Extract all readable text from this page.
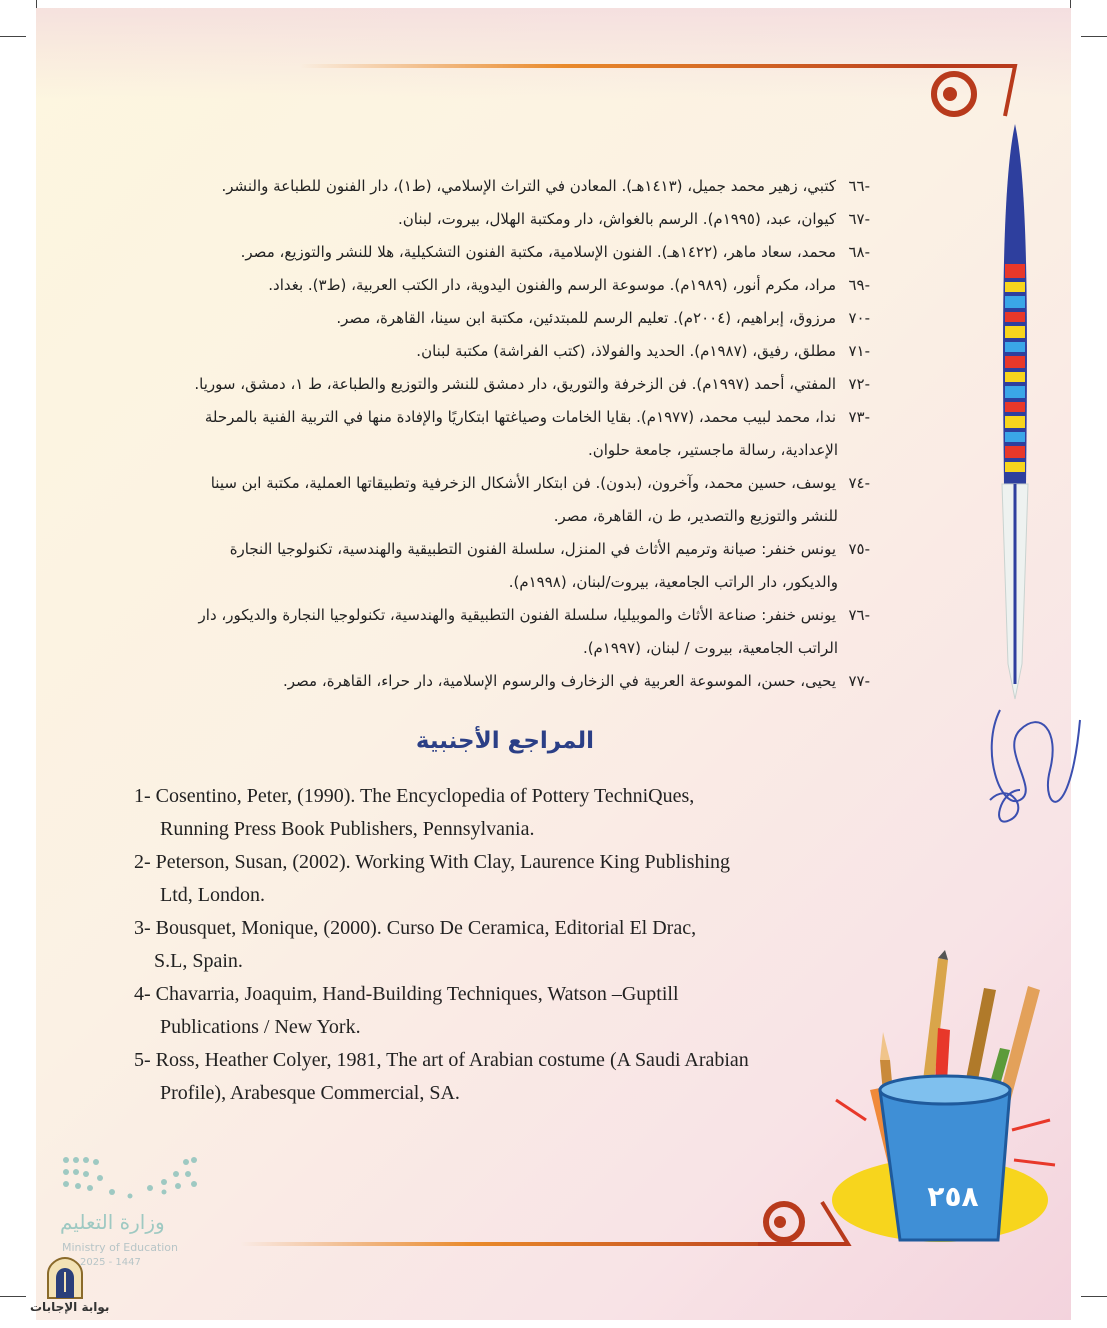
-٦٦كتبي، زهير محمد جميل، (١٤١٣هـ). المعادن في التراث الإسلامي، (ط١)، دار الفنون للطباعة والنشر.
-٦٧كيوان، عبد، (١٩٩٥م). الرسم بالغواش، دار ومكتبة الهلال، بيروت، لبنان.
-٦٨محمد، سعاد ماهر، (١٤٢٢هـ). الفنون الإسلامية، مكتبة الفنون التشكيلية، هلا للنشر والتوزيع، مصر.
-٦٩مراد، مكرم أنور، (١٩٨٩م). موسوعة الرسم والفنون اليدوية، دار الكتب العربية، (ط٣). بغداد.
-٧٠مرزوق، إبراهيم، (٢٠٠٤م). تعليم الرسم للمبتدئين، مكتبة ابن سينا، القاهرة، مصر.
-٧١مطلق، رفيق، (١٩٨٧م). الحديد والفولاذ، (كتب الفراشة) مكتبة لبنان.
-٧٢المفتي، أحمد (١٩٩٧م). فن الزخرفة والتوريق، دار دمشق للنشر والتوزيع والطباعة، ط ١، دمشق، سوريا.
-٧٣ندا، محمد لبيب محمد، (١٩٧٧م). بقايا الخامات وصياغتها ابتكاريًا والإفادة منها في التربية الفنية بالمرحلة
الإعدادية، رسالة ماجستير، جامعة حلوان.
-٧٤يوسف، حسين محمد، وآخرون، (بدون). فن ابتكار الأشكال الزخرفية وتطبيقاتها العملية، مكتبة ابن سينا
للنشر والتوزيع والتصدير، ط ن، القاهرة، مصر.
-٧٥يونس خنفر: صيانة وترميم الأثاث في المنزل، سلسلة الفنون التطبيقية والهندسية، تكنولوجيا النجارة
والديكور، دار الراتب الجامعية، بيروت/لبنان، (١٩٩٨م).
-٧٦يونس خنفر: صناعة الأثاث والموبيليا، سلسلة الفنون التطبيقية والهندسية، تكنولوجيا النجارة والديكور، دار
الراتب الجامعية، بيروت / لبنان، (١٩٩٧م).
-٧٧يحيى، حسن، الموسوعة العربية في الزخارف والرسوم الإسلامية، دار حراء، القاهرة، مصر.
المراجع الأجنبية
1- Cosentino, Peter, (1990). The Encyclopedia of Pottery TechniQues,
Running Press Book Publishers, Pennsylvania.
2- Peterson, Susan, (2002). Working With Clay, Laurence King Publishing
Ltd, London.
3- Bousquet, Monique, (2000). Curso De Ceramica, Editorial El Drac,
S.L, Spain.
4- Chavarria, Joaquim, Hand-Building Techniques, Watson –Guptill
Publications / New York.
5- Ross, Heather Colyer, 1981, The art of Arabian costume (A Saudi Arabian
Profile), Arabesque Commercial, SA.
٢٥٨
وزارة التعليم
Ministry of Education
2025 - 1447
بوابة الإجابات
